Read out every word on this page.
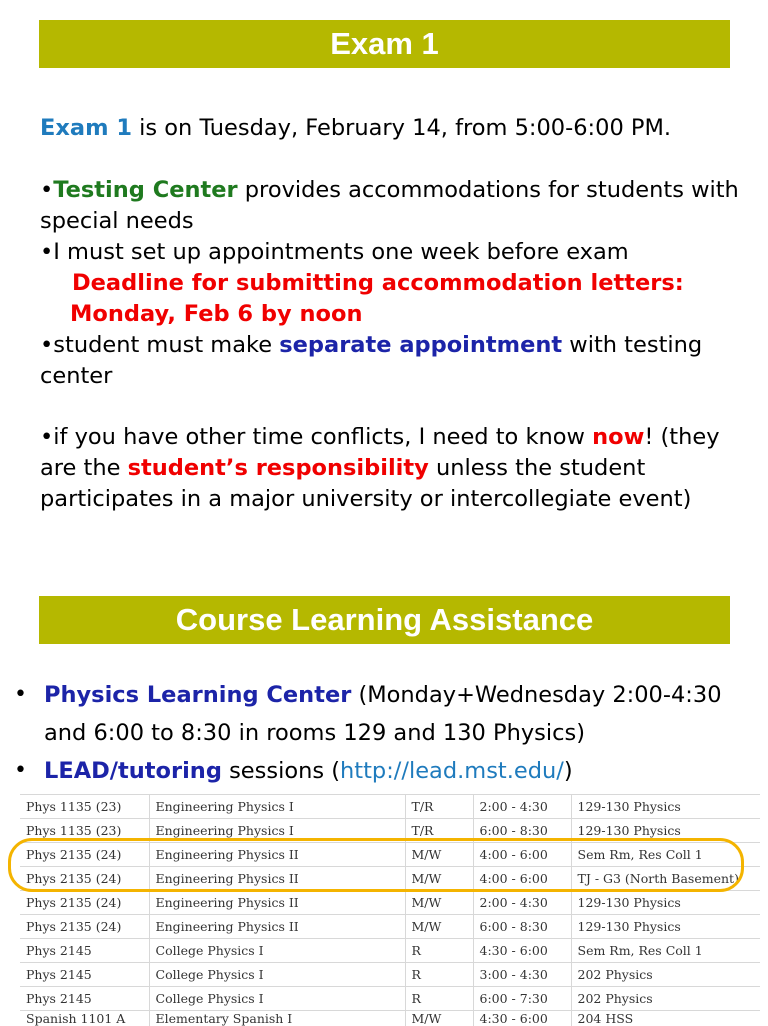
Exam 1

Exam 1 is on Tuesday, February 14, from 5:00-6:00 PM.

•Testing Center provides accommodations for students with special needs
•I must set up appointments one week before exam

Deadline for submitting accommodation letters:
Monday, Feb 6 by noon
•student must make separate appointment with testing center

•if you have other time conflicts, I need to know now! (they are the student’s responsibility unless the student participates in a major university or intercollegiate event)

Course Learning Assistance
• Physics Learning Center (Monday+Wednesday 2:00-4:30 and 6:00 to 8:30 in rooms 129 and 130 Physics)
• LEAD/tutoring sessions (http://lead.mst.edu/)
Phys 1135 (23)	Engineering Physics I	T/R	2:00 - 4:30	129-130 Physics
Phys 1135 (23)	Engineering Physics I	T/R	6:00 - 8:30	129-130 Physics
Phys 2135 (24)	Engineering Physics II	M/W	4:00 - 6:00	Sem Rm, Res Coll 1
Phys 2135 (24)	Engineering Physics II	M/W	4:00 - 6:00	TJ - G3 (North Basement)
Phys 2135 (24)	Engineering Physics II	M/W	2:00 - 4:30	129-130 Physics
Phys 2135 (24)	Engineering Physics II	M/W	6:00 - 8:30	129-130 Physics
Phys 2145	College Physics I	R	4:30 - 6:00	Sem Rm, Res Coll 1
Phys 2145	College Physics I	R	3:00 - 4:30	202 Physics
Phys 2145	College Physics I	R	6:00 - 7:30	202 Physics
Spanish 1101 A	Elementary Spanish I	M/W	4:30 - 6:00	204 HSS
